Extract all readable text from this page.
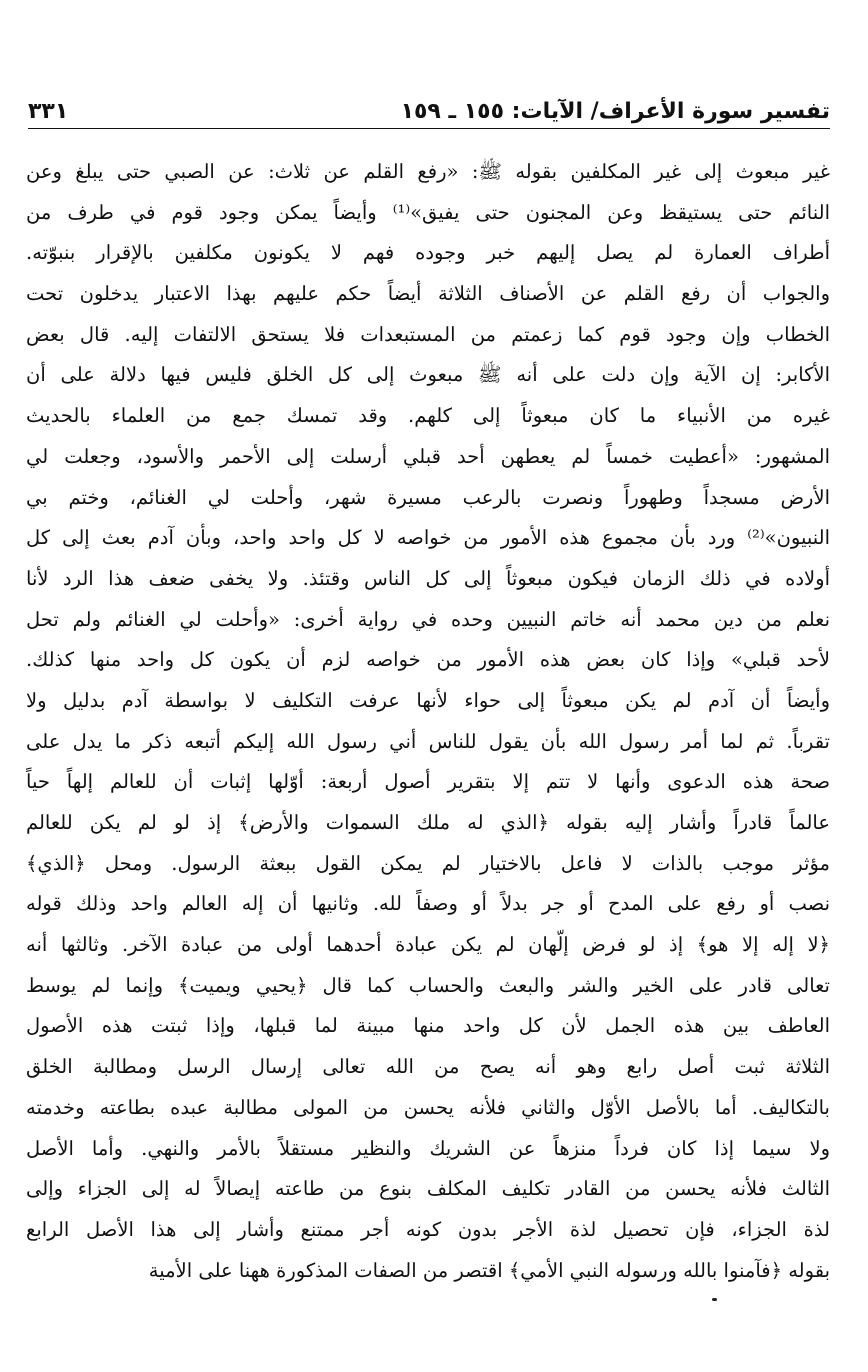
٣٣١	تفسير سورة الأعراف/ الآيات: ١٥٥ ـ ١٥٩
غير مبعوث إلى غير المكلفين بقوله ﷺ: «رفع القلم عن ثلاث: عن الصبي حتى يبلغ وعن
النائم حتى يستيقظ وعن المجنون حتى يفيق»⁽¹⁾ وأيضاً يمكن وجود قوم في طرف من
أطراف العمارة لم يصل إليهم خبر وجوده فهم لا يكونون مكلفين بالإقرار بنبوّته.
والجواب أن رفع القلم عن الأصناف الثلاثة أيضاً حكم عليهم بهذا الاعتبار يدخلون تحت
الخطاب وإن وجود قوم كما زعمتم من المستبعدات فلا يستحق الالتفات إليه. قال بعض
الأكابر: إن الآية وإن دلت على أنه ﷺ مبعوث إلى كل الخلق فليس فيها دلالة على أن
غيره من الأنبياء ما كان مبعوثاً إلى كلهم. وقد تمسك جمع من العلماء بالحديث
المشهور: «أعطيت خمساً لم يعطهن أحد قبلي أرسلت إلى الأحمر والأسود، وجعلت لي
الأرض مسجداً وطهوراً ونصرت بالرعب مسيرة شهر، وأحلت لي الغنائم، وختم بي
النبيون»⁽²⁾ ورد بأن مجموع هذه الأمور من خواصه لا كل واحد واحد، وبأن آدم بعث إلى كل
أولاده في ذلك الزمان فيكون مبعوثاً إلى كل الناس وقتئذ. ولا يخفى ضعف هذا الرد لأنا
نعلم من دين محمد أنه خاتم النبيين وحده في رواية أخرى: «وأحلت لي الغنائم ولم تحل
لأحد قبلي» وإذا كان بعض هذه الأمور من خواصه لزم أن يكون كل واحد منها كذلك.
وأيضاً أن آدم لم يكن مبعوثاً إلى حواء لأنها عرفت التكليف لا بواسطة آدم بدليل ولا
تقرباً. ثم لما أمر رسول الله بأن يقول للناس أني رسول الله إليكم أتبعه ذكر ما يدل على
صحة هذه الدعوى وأنها لا تتم إلا بتقرير أصول أربعة: أوّلها إثبات أن للعالم إلهاً حياً
عالماً قادراً وأشار إليه بقوله ﴿الذي له ملك السموات والأرض﴾ إذ لو لم يكن للعالم
مؤثر موجب بالذات لا فاعل بالاختيار لم يمكن القول ببعثة الرسول. ومحل ﴿الذي﴾
نصب أو رفع على المدح أو جر بدلاً أو وصفاً لله. وثانيها أن إله العالم واحد وذلك قوله
﴿لا إله إلا هو﴾ إذ لو فرض إلّهان لم يكن عبادة أحدهما أولى من عبادة الآخر. وثالثها أنه
تعالى قادر على الخير والشر والبعث والحساب كما قال ﴿يحيي ويميت﴾ وإنما لم يوسط
العاطف بين هذه الجمل لأن كل واحد منها مبينة لما قبلها، وإذا ثبتت هذه الأصول
الثلاثة ثبت أصل رابع وهو أنه يصح من الله تعالى إرسال الرسل ومطالبة الخلق
بالتكاليف. أما بالأصل الأوّل والثاني فلأنه يحسن من المولى مطالبة عبده بطاعته وخدمته
ولا سيما إذا كان فرداً منزهاً عن الشريك والنظير مستقلاً بالأمر والنهي. وأما الأصل
الثالث فلأنه يحسن من القادر تكليف المكلف بنوع من طاعته إيصالاً له إلى الجزاء وإلى
لذة الجزاء، فإن تحصيل لذة الأجر بدون كونه أجر ممتنع وأشار إلى هذا الأصل الرابع
بقوله ﴿فآمنوا بالله ورسوله النبي الأمي﴾ اقتصر من الصفات المذكورة ههنا على الأمية
